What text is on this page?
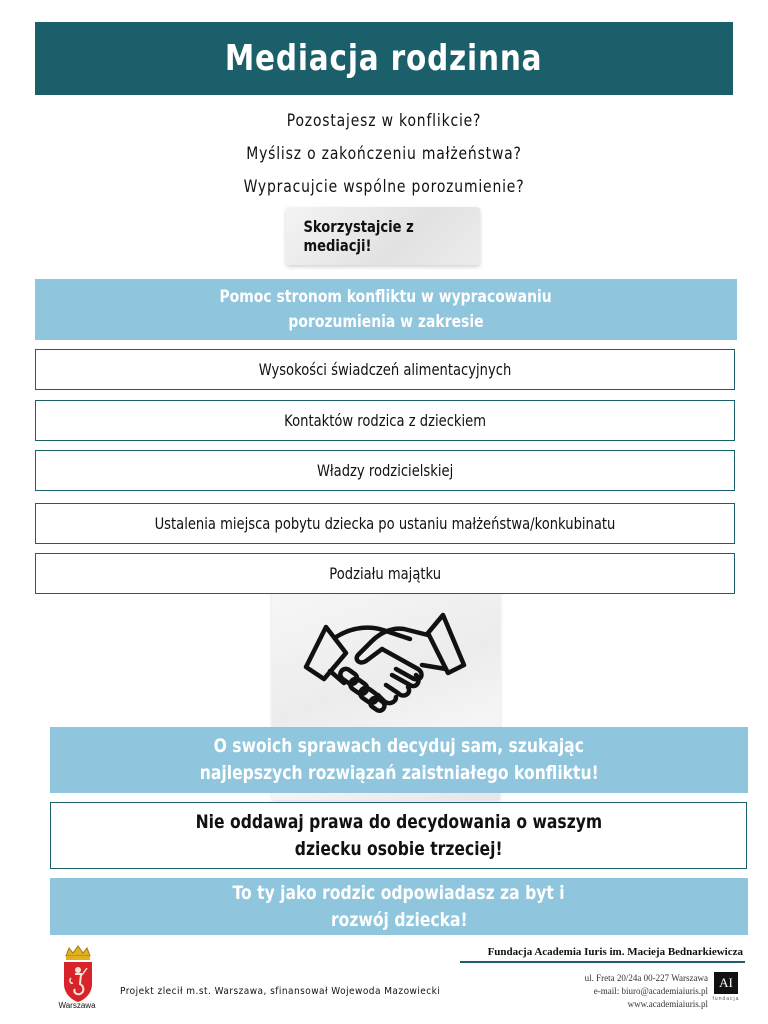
Mediacja rodzinna

Pozostajesz w konflikcie?

Myślisz o zakończeniu małżeństwa?

Wypracujcie wspólne porozumienie?

Skorzystajcie z mediacji!
Pomoc stronom konfliktu w wypracowaniu
porozumienia w zakresie
Wysokości świadczeń alimentacyjnych
Kontaktów rodzica z dzieckiem
Władzy rodzicielskiej
Ustalenia miejsca pobytu dziecka po ustaniu małżeństwa/konkubinatu
Podziału majątku
O swoich sprawach decyduj sam, szukając
najlepszych rozwiązań zaistniałego konfliktu!
Nie oddawaj prawa do decydowania o waszym
dziecku osobie trzeciej!
To ty jako rodzic odpowiadasz za byt i
rozwój dziecka!
Warszawa
Projekt zlecił m.st. Warszawa, sfinansował Wojewoda Mazowiecki
Fundacja Academia Iuris im. Macieja Bednarkiewicza
ul. Freta 20/24a 00-227 Warszawa
e-mail: biuro@academiaiuris.pl
www.academiaiuris.pl
AI
fundacja
